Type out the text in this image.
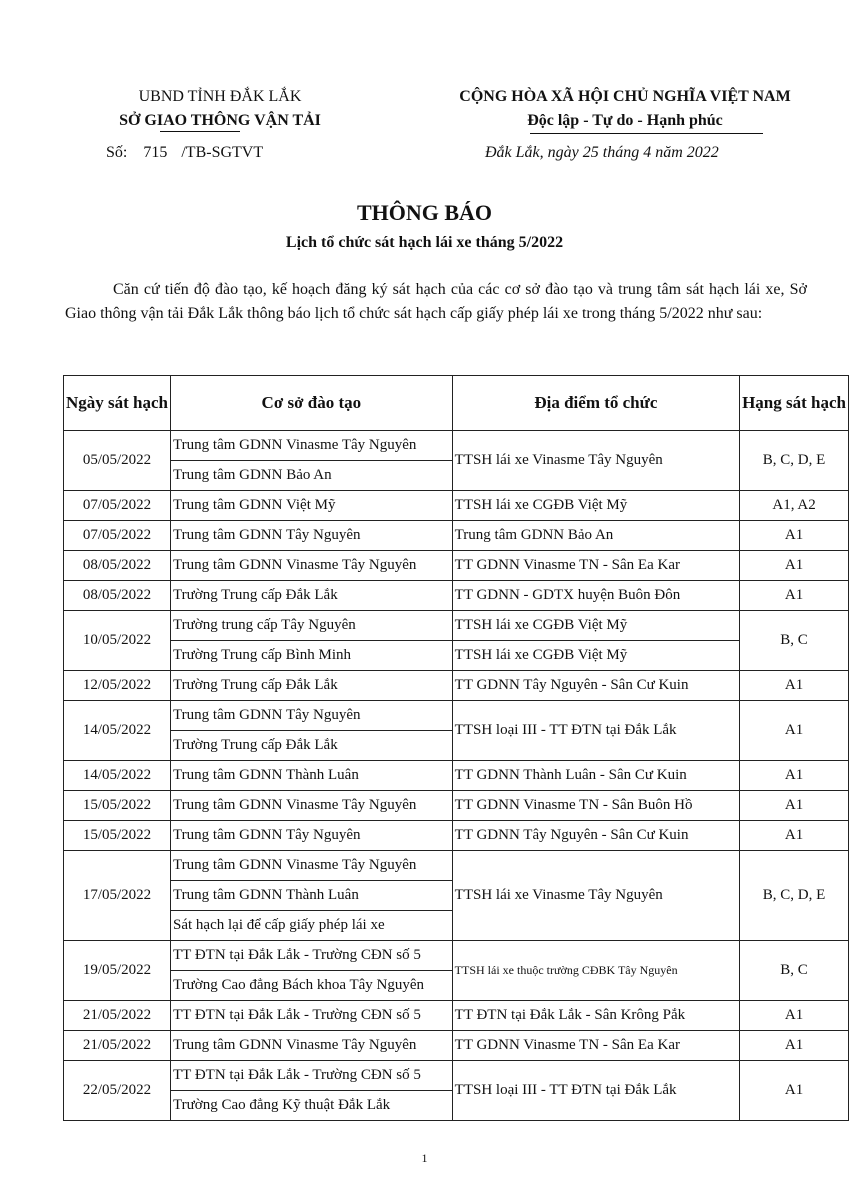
UBND TỈNH ĐẮK LẮK
SỞ GIAO THÔNG VẬN TẢI
Số: 715 /TB-SGTVT
CỘNG HÒA XÃ HỘI CHỦ NGHĨA VIỆT NAM
Độc lập - Tự do - Hạnh phúc
Đắk Lắk, ngày 25 tháng 4 năm 2022
THÔNG BÁO
Lịch tổ chức sát hạch lái xe tháng 5/2022
Căn cứ tiến độ đào tạo, kế hoạch đăng ký sát hạch của các cơ sở đào tạo và trung tâm sát hạch lái xe, Sở Giao thông vận tải Đắk Lắk thông báo lịch tổ chức sát hạch cấp giấy phép lái xe trong tháng 5/2022 như sau:
Ngày sát hạch	Cơ sở đào tạo	Địa điểm tổ chức	Hạng sát hạch
05/05/2022	Trung tâm GDNN Vinasme Tây Nguyên	TTSH lái xe Vinasme Tây Nguyên	B, C, D, E
	Trung tâm GDNN Bảo An		
07/05/2022	Trung tâm GDNN Việt Mỹ	TTSH lái xe CGĐB Việt Mỹ	A1, A2
07/05/2022	Trung tâm GDNN Tây Nguyên	Trung tâm GDNN Bảo An	A1
08/05/2022	Trung tâm GDNN Vinasme Tây Nguyên	TT GDNN Vinasme TN - Sân Ea Kar	A1
08/05/2022	Trường Trung cấp Đắk Lắk	TT GDNN - GDTX huyện Buôn Đôn	A1
10/05/2022	Trường trung cấp Tây Nguyên	TTSH lái xe CGĐB Việt Mỹ	B, C
	Trường Trung cấp Bình Minh	TTSH lái xe CGĐB Việt Mỹ	
12/05/2022	Trường Trung cấp Đắk Lắk	TT GDNN Tây Nguyên - Sân Cư Kuin	A1
14/05/2022	Trung tâm GDNN Tây Nguyên	TTSH loại III - TT ĐTN tại Đắk Lắk	A1
	Trường Trung cấp Đắk Lắk		
14/05/2022	Trung tâm GDNN Thành Luân	TT GDNN Thành Luân - Sân Cư Kuin	A1
15/05/2022	Trung tâm GDNN Vinasme Tây Nguyên	TT GDNN Vinasme TN - Sân Buôn Hồ	A1
15/05/2022	Trung tâm GDNN Tây Nguyên	TT GDNN Tây Nguyên - Sân Cư Kuin	A1
17/05/2022	Trung tâm GDNN Vinasme Tây Nguyên	TTSH lái xe Vinasme Tây Nguyên	B, C, D, E
	Trung tâm GDNN Thành Luân		
	Sát hạch lại để cấp giấy phép lái xe		
19/05/2022	TT ĐTN tại Đắk Lắk - Trường CĐN số 5	TTSH lái xe thuộc trường CĐBK Tây Nguyên	B, C
	Trường Cao đẳng Bách khoa Tây Nguyên		
21/05/2022	TT ĐTN tại Đắk Lắk - Trường CĐN số 5	TT ĐTN tại Đắk Lắk - Sân Krông Pắk	A1
21/05/2022	Trung tâm GDNN Vinasme Tây Nguyên	TT GDNN Vinasme TN - Sân Ea Kar	A1
22/05/2022	TT ĐTN tại Đắk Lắk - Trường CĐN số 5	TTSH loại III - TT ĐTN tại Đắk Lắk	A1
	Trường Cao đẳng Kỹ thuật Đắk Lắk		
1
